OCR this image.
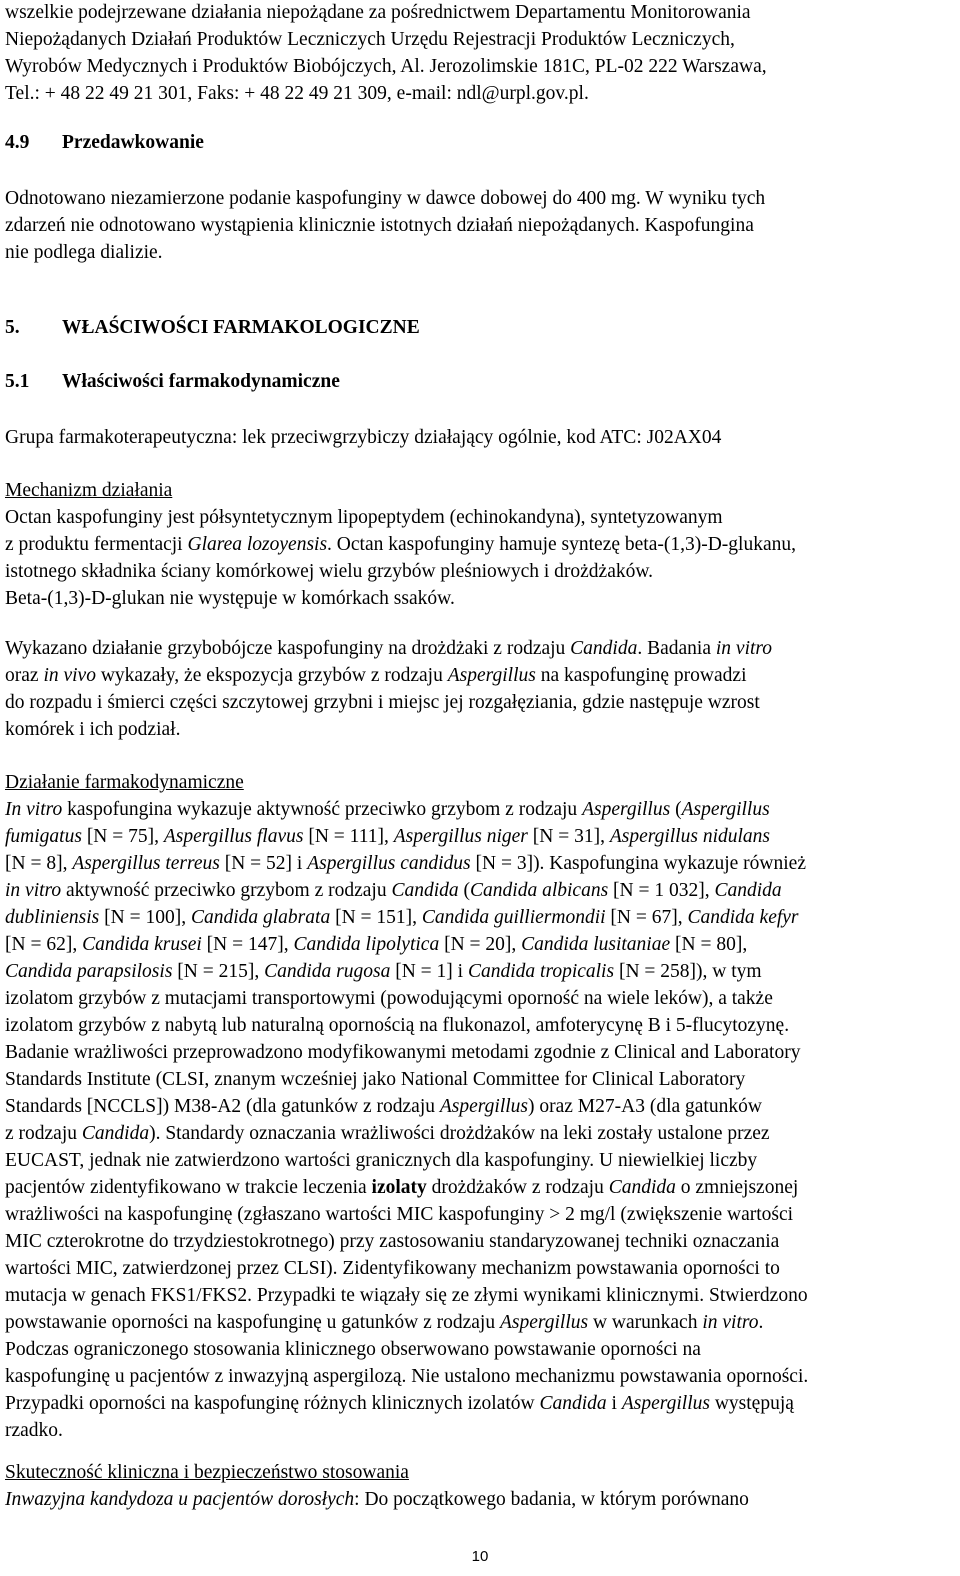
wszelkie podejrzewane działania niepożądane za pośrednictwem Departamentu Monitorowania
Niepożądanych Działań Produktów Leczniczych Urzędu Rejestracji Produktów Leczniczych,
Wyrobów Medycznych i Produktów Biobójczych, Al. Jerozolimskie 181C, PL-02 222 Warszawa,
Tel.: + 48 22 49 21 301, Faks: + 48 22 49 21 309, e-mail: ndl@urpl.gov.pl.
4.9 Przedawkowanie
Odnotowano niezamierzone podanie kaspofunginy w dawce dobowej do 400 mg. W wyniku tych
zdarzeń nie odnotowano wystąpienia klinicznie istotnych działań niepożądanych. Kaspofungina
nie podlega dializie.
5. WŁAŚCIWOŚCI FARMAKOLOGICZNE
5.1 Właściwości farmakodynamiczne
Grupa farmakoterapeutyczna: lek przeciwgrzybiczy działający ogólnie, kod ATC: J02AX04
Mechanizm działania
Octan kaspofunginy jest półsyntetycznym lipopeptydem (echinokandyna), syntetyzowanym
z produktu fermentacji Glarea lozoyensis. Octan kaspofunginy hamuje syntezę beta-(1,3)-D-glukanu,
istotnego składnika ściany komórkowej wielu grzybów pleśniowych i drożdżaków.
Beta-(1,3)-D-glukan nie występuje w komórkach ssaków.
Wykazano działanie grzybobójcze kaspofunginy na drożdżaki z rodzaju Candida. Badania in vitro
oraz in vivo wykazały, że ekspozycja grzybów z rodzaju Aspergillus na kaspofunginę prowadzi
do rozpadu i śmierci części szczytowej grzybni i miejsc jej rozgałęziania, gdzie następuje wzrost
komórek i ich podział.
Działanie farmakodynamiczne
In vitro kaspofungina wykazuje aktywność przeciwko grzybom z rodzaju Aspergillus (Aspergillus
fumigatus [N = 75], Aspergillus flavus [N = 111], Aspergillus niger [N = 31], Aspergillus nidulans
[N = 8], Aspergillus terreus [N = 52] i Aspergillus candidus [N = 3]). Kaspofungina wykazuje również
in vitro aktywność przeciwko grzybom z rodzaju Candida (Candida albicans [N = 1 032], Candida
dubliniensis [N = 100], Candida glabrata [N = 151], Candida guilliermondii [N = 67], Candida kefyr
[N = 62], Candida krusei [N = 147], Candida lipolytica [N = 20], Candida lusitaniae [N = 80],
Candida parapsilosis [N = 215], Candida rugosa [N = 1] i Candida tropicalis [N = 258]), w tym
izolatom grzybów z mutacjami transportowymi (powodującymi oporność na wiele leków), a także
izolatom grzybów z nabytą lub naturalną opornością na flukonazol, amfoterycynę B i 5-flucytozynę.
Badanie wrażliwości przeprowadzono modyfikowanymi metodami zgodnie z Clinical and Laboratory
Standards Institute (CLSI, znanym wcześniej jako National Committee for Clinical Laboratory
Standards [NCCLS]) M38-A2 (dla gatunków z rodzaju Aspergillus) oraz M27-A3 (dla gatunków
z rodzaju Candida). Standardy oznaczania wrażliwości drożdżaków na leki zostały ustalone przez
EUCAST, jednak nie zatwierdzono wartości granicznych dla kaspofunginy. U niewielkiej liczby
pacjentów zidentyfikowano w trakcie leczenia izolaty drożdżaków z rodzaju Candida o zmniejszonej
wrażliwości na kaspofunginę (zgłaszano wartości MIC kaspofunginy > 2 mg/l (zwiększenie wartości
MIC czterokrotne do trzydziestokrotnego) przy zastosowaniu standaryzowanej techniki oznaczania
wartości MIC, zatwierdzonej przez CLSI). Zidentyfikowany mechanizm powstawania oporności to
mutacja w genach FKS1/FKS2. Przypadki te wiązały się ze złymi wynikami klinicznymi. Stwierdzono
powstawanie oporności na kaspofunginę u gatunków z rodzaju Aspergillus w warunkach in vitro.
Podczas ograniczonego stosowania klinicznego obserwowano powstawanie oporności na
kaspofunginę u pacjentów z inwazyjną aspergilozą. Nie ustalono mechanizmu powstawania oporności.
Przypadki oporności na kaspofunginę różnych klinicznych izolatów Candida i Aspergillus występują
rzadko.
Skuteczność kliniczna i bezpieczeństwo stosowania
Inwazyjna kandydoza u pacjentów dorosłych: Do początkowego badania, w którym porównano
10
